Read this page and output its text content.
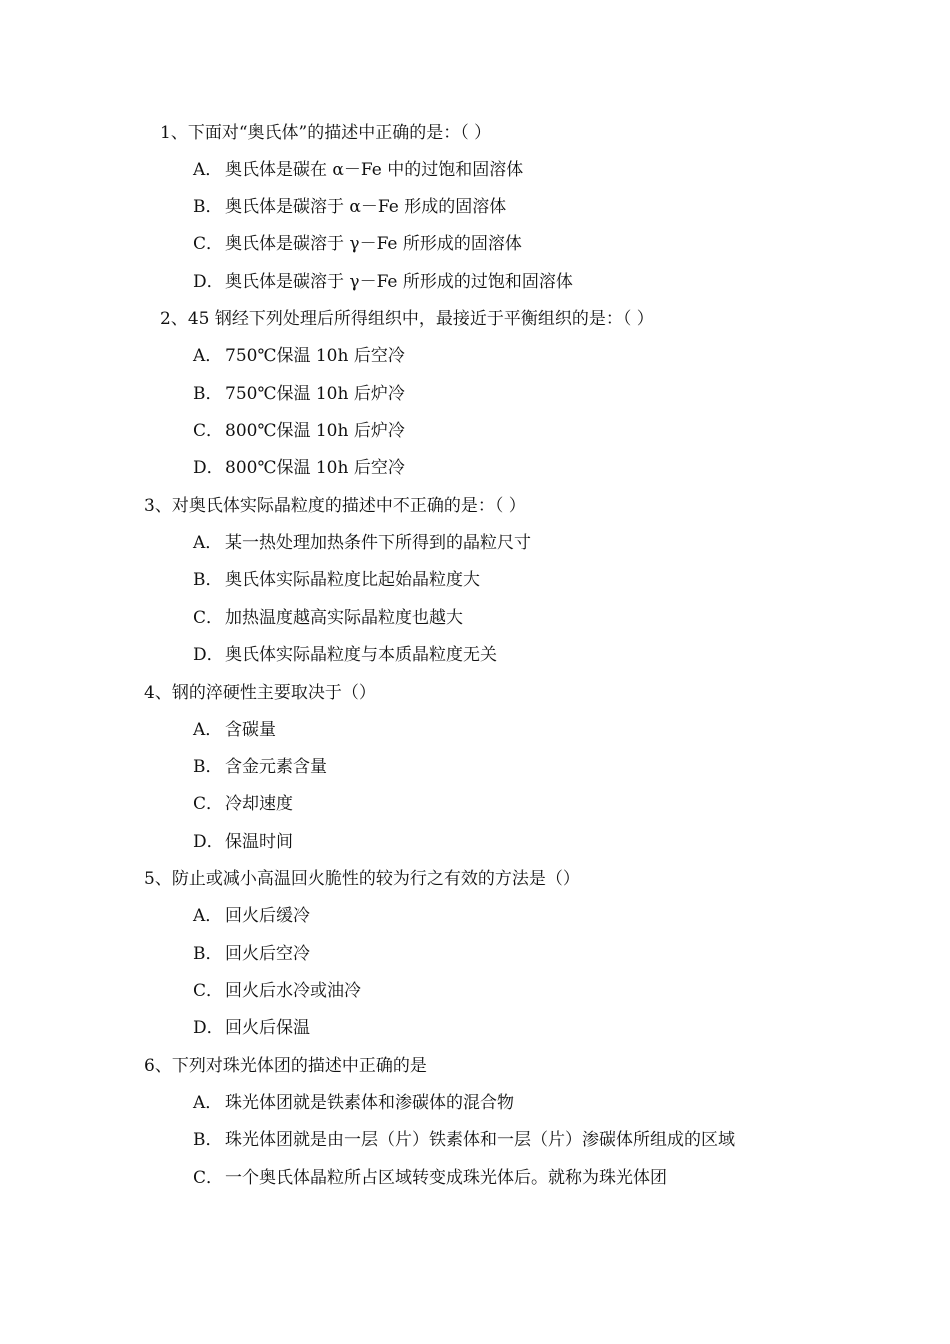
1、下面对“奥氏体”的描述中正确的是：（ ）
A． 奥氏体是碳在 α－Fe 中的过饱和固溶体
B． 奥氏体是碳溶于 α－Fe 形成的固溶体
C． 奥氏体是碳溶于 γ－Fe 所形成的固溶体
D．奥氏体是碳溶于 γ－Fe 所形成的过饱和固溶体
2、45 钢经下列处理后所得组织中，最接近于平衡组织的是：（ ）
A． 750℃保温 10h 后空冷
B． 750℃保温 10h 后炉冷
C． 800℃保温 10h 后炉冷
D．800℃保温 10h 后空冷
3、对奥氏体实际晶粒度的描述中不正确的是：（ ）
A． 某一热处理加热条件下所得到的晶粒尺寸
B． 奥氏体实际晶粒度比起始晶粒度大
C． 加热温度越高实际晶粒度也越大
D．奥氏体实际晶粒度与本质晶粒度无关
4、钢的淬硬性主要取决于（）
A． 含碳量
B． 含金元素含量
C． 冷却速度
D．保温时间
5、防止或减小高温回火脆性的较为行之有效的方法是（）
A． 回火后缓冷
B． 回火后空冷
C． 回火后水冷或油冷
D．回火后保温
6、下列对珠光体团的描述中正确的是
A． 珠光体团就是铁素体和渗碳体的混合物
B． 珠光体团就是由一层（片）铁素体和一层（片）渗碳体所组成的区域
C． 一个奥氏体晶粒所占区域转变成珠光体后。就称为珠光体团
